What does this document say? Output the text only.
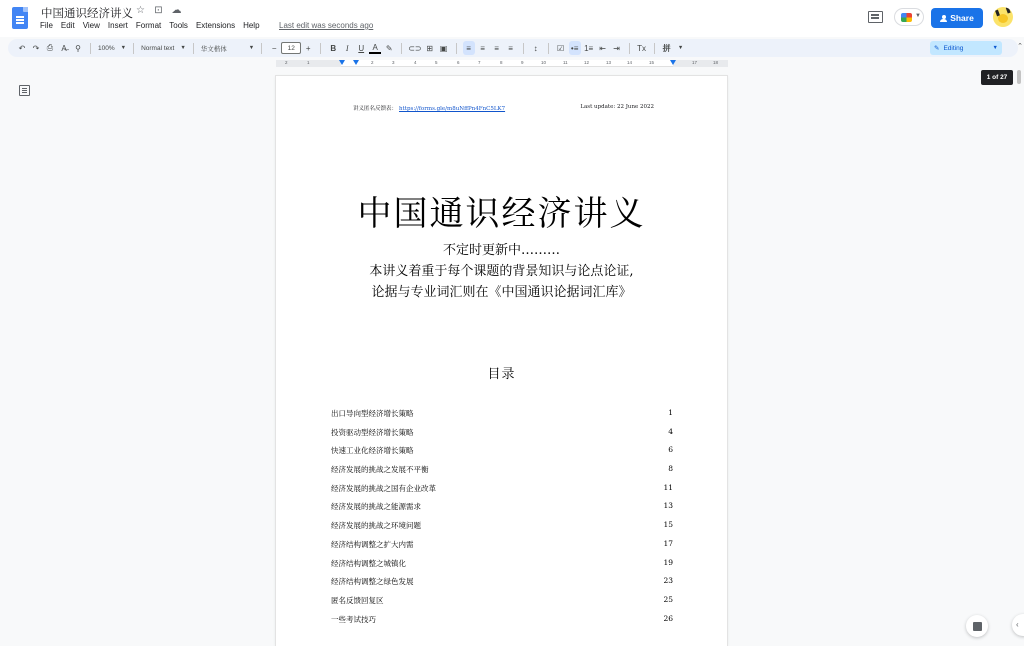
中国通识经济讲义 ☆ ⊡ ☁
File	Edit	View	Insert	Format	Tools	Extensions	Help	Last edit was seconds ago
▼	Share
↶ ↷ ⎙	A̶	⚲	100% ▼ Normal text ▼ 华文楷体	▼	−	12	+	B	I	U	A ✎	⊂⊃ ⊞ ▣	≡	≡	≡	≡	↕	☑ •≡ 1≡ ⇤ ⇥	Tx 拼	▼	✎ Editing	▼	⌃
2	1	2	3	4	5	6	7	8	9	10	11	12	13	14	15	17	18
讲义匿名反馈表： https://forms.gle/m8uNffPn4FnC5LK7	Last update: 22 June 2022
中国通识经济讲义
不定时更新中………
本讲义着重于每个课题的背景知识与论点论证,
论据与专业词汇则在《中国通识论据词汇库》
目录
出口导向型经济增长策略	1
投资驱动型经济增长策略	4
快速工业化经济增长策略	6
经济发展的挑战之发展不平衡	8
经济发展的挑战之国有企业改革	11
经济发展的挑战之能源需求	13
经济发展的挑战之环境问题	15
经济结构调整之扩大内需	17
经济结构调整之城镇化	19
经济结构调整之绿色发展	23
匿名反馈回复区	25
一些考试技巧	26
1 of 27
‹
